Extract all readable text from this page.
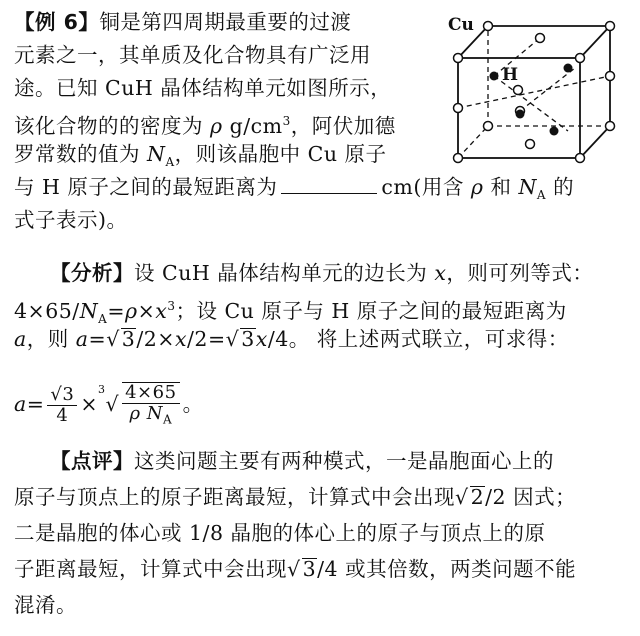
【例 6】铜是第四周期最重要的过渡
元素之一，其单质及化合物具有广泛用
途。已知 CuH 晶体结构单元如图所示，
该化合物的的密度为 ρ $g/cm^3$，阿伏加德
罗常数的值为 $N_A$，则该晶胞中 Cu 原子
与 H 原子之间的最短距离为	cm(用含 ρ 和 $N_A$ 的
式子表示)。
Cu
H
【分析】设 CuH 晶体结构单元的边长为 x，则可列等式：
$4\times 65/N_A=\rho\times x^3$；设 Cu 原子与 H 原子之间的最短距离为
a，则 a=√3/2×x/2=√3x/4。 将上述两式联立，可求得：
$a= \frac{√3}{4} \times^3√ \frac{4\times 65}{\rho N_A}$ 。
【点评】这类问题主要有两种模式，一是晶胞面心上的
原子与顶点上的原子距离最短，计算式中会出现√2/2 因式；
二是晶胞的体心或 1/8 晶胞的体心上的原子与顶点上的原
子距离最短，计算式中会出现√3/4 或其倍数，两类问题不能
混淆。
